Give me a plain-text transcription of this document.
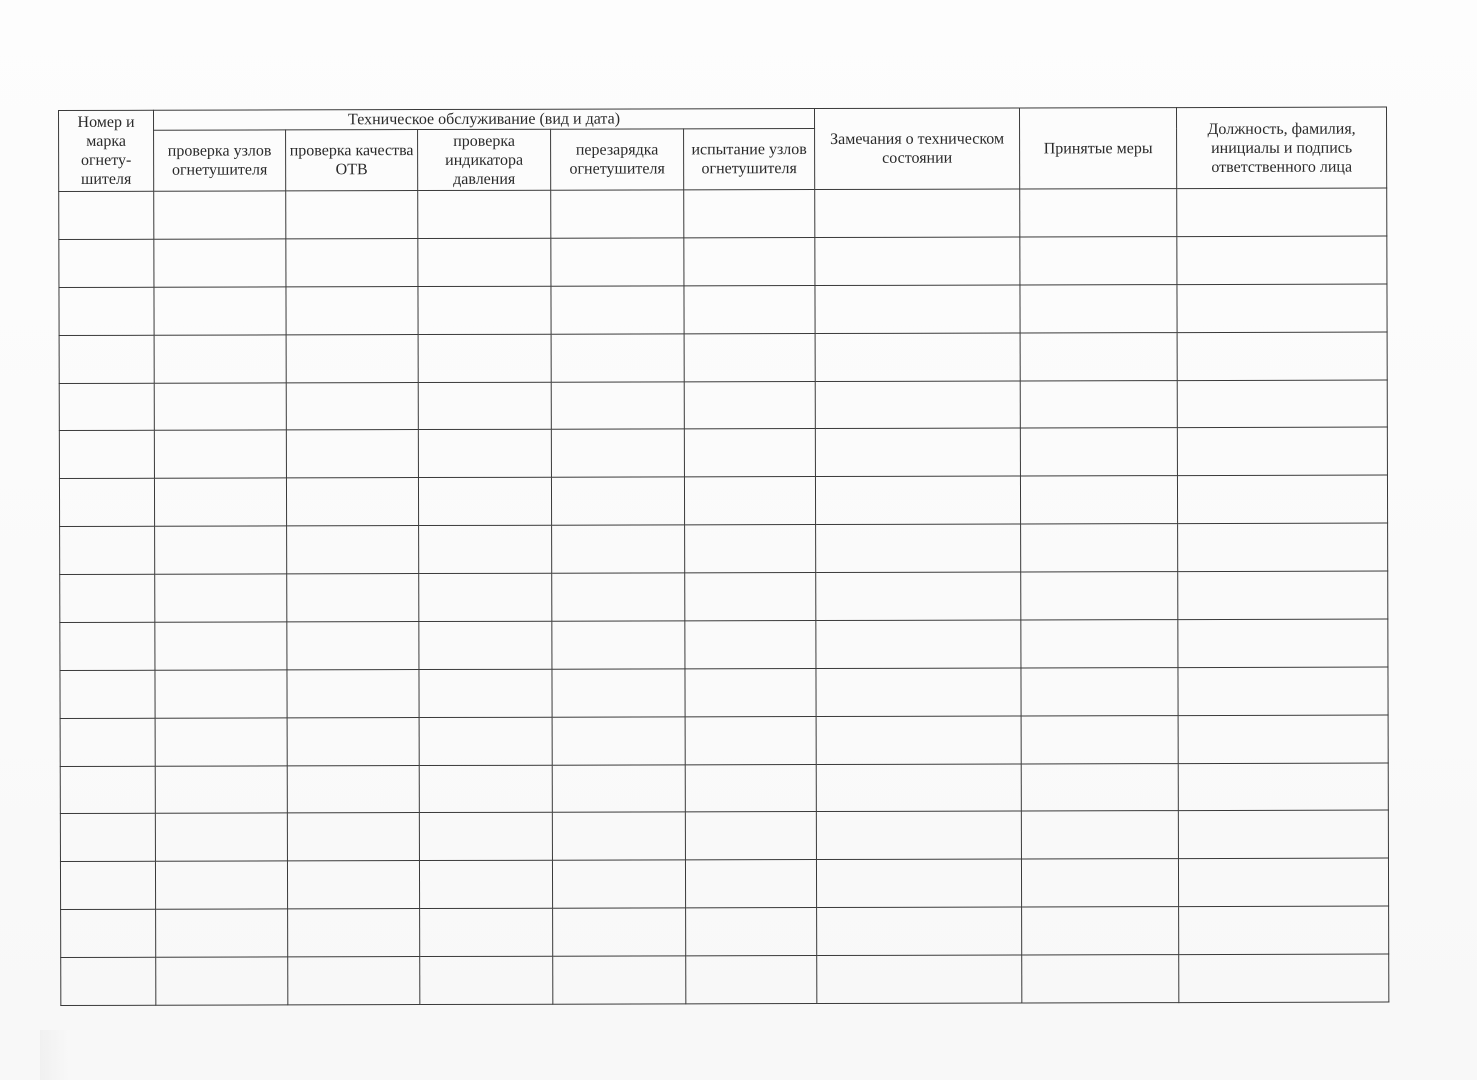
Номер и марка огнету-шителя	Техническое обслуживание (вид и дата)					Замечания о техническом состоянии	Принятые меры	Должность, фамилия, инициалы и подпись ответственного лица
	проверка узлов огнетушителя	проверка качества ОТВ	проверка индикатора давления	перезарядка огнетушителя	испытание узлов огнетушителя			
